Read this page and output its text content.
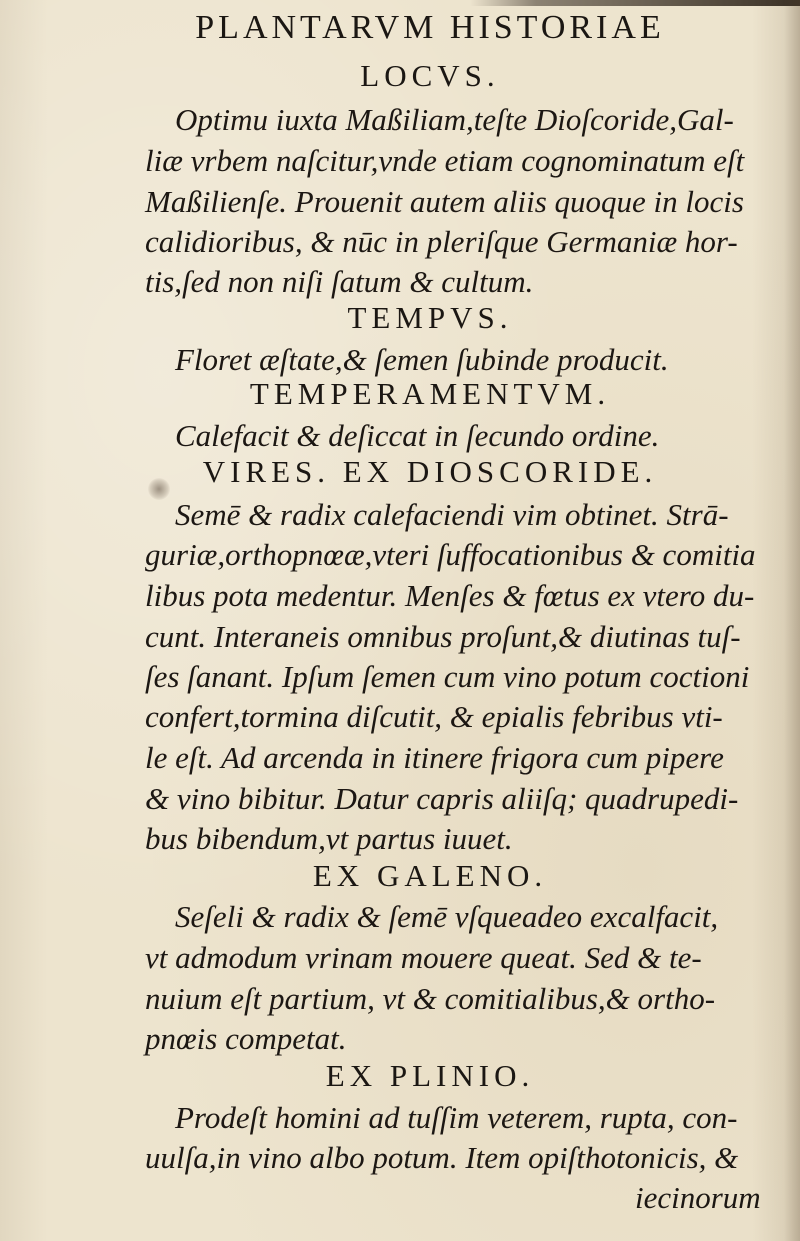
PLANTARVM HISTORIAE
LOCVS.
Optimu iuxta Maßiliam,teſte Dioſcoride,Gal-
liæ vrbem naſcitur,vnde etiam cognominatum eſt
Maßilienſe. Prouenit autem aliis quoque in locis
calidioribus, & nūc in pleriſque Germaniæ hor-
tis,ſed non niſi ſatum & cultum.
TEMPVS.
Floret æſtate,& ſemen ſubinde producit.
TEMPERAMENTVM.
Calefacit & deſiccat in ſecundo ordine.
VIRES. EX DIOSCORIDE.
Semē & radix calefaciendi vim obtinet. Strā-
guriæ,orthopnœæ,vteri ſuffocationibus & comitia
libus pota medentur. Menſes & fœtus ex vtero du-
cunt. Interaneis omnibus proſunt,& diutinas tuſ-
ſes ſanant. Ipſum ſemen cum vino potum coctioni
confert,tormina diſcutit, & epialis febribus vti-
le eſt. Ad arcenda in itinere frigora cum pipere
& vino bibitur. Datur capris aliiſq; quadrupedi-
bus bibendum,vt partus iuuet.
EX GALENO.
Seſeli & radix & ſemē vſqueadeo excalfacit,
vt admodum vrinam mouere queat. Sed & te-
nuium eſt partium, vt & comitialibus,& ortho-
pnœis competat.
EX PLINIO.
Prodeſt homini ad tuſſim veterem, rupta, con-
uulſa,in vino albo potum. Item opiſthotonicis, &
iecinorum
